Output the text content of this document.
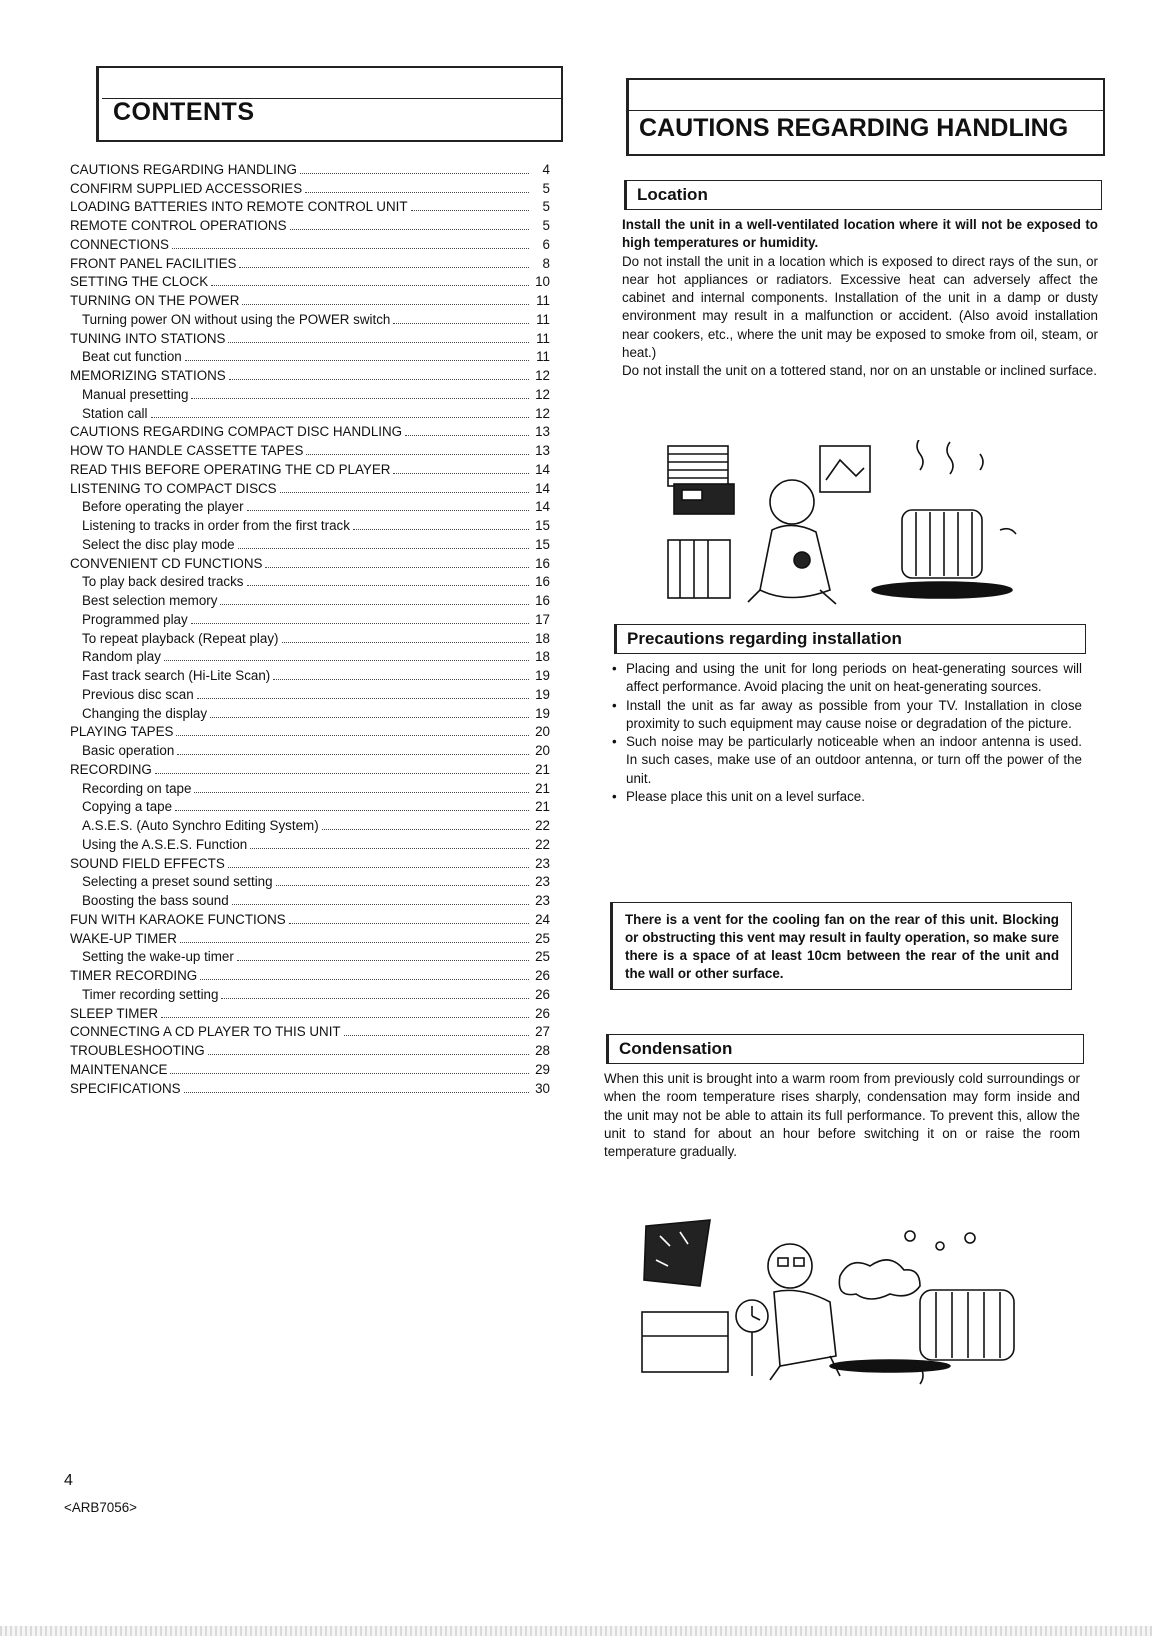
CONTENTS
CAUTIONS REGARDING HANDLING	4
CONFIRM SUPPLIED ACCESSORIES	5
LOADING BATTERIES INTO REMOTE CONTROL UNIT	5
REMOTE CONTROL OPERATIONS	5
CONNECTIONS	6
FRONT PANEL FACILITIES	8
SETTING THE CLOCK	10
TURNING ON THE POWER	11
Turning power ON without using the POWER switch	11
TUNING INTO STATIONS	11
Beat cut function	11
MEMORIZING STATIONS	12
Manual presetting	12
Station call	12
CAUTIONS REGARDING COMPACT DISC HANDLING	13
HOW TO HANDLE CASSETTE TAPES	13
READ THIS BEFORE OPERATING THE CD PLAYER	14
LISTENING TO COMPACT DISCS	14
Before operating the player	14
Listening to tracks in order from the first track	15
Select the disc play mode	15
CONVENIENT CD FUNCTIONS	16
To play back desired tracks	16
Best selection memory	16
Programmed play	17
To repeat playback (Repeat play)	18
Random play	18
Fast track search (Hi-Lite Scan)	19
Previous disc scan	19
Changing the display	19
PLAYING TAPES	20
Basic operation	20
RECORDING	21
Recording on tape	21
Copying a tape	21
A.S.E.S. (Auto Synchro Editing System)	22
Using the A.S.E.S. Function	22
SOUND FIELD EFFECTS	23
Selecting a preset sound setting	23
Boosting the bass sound	23
FUN WITH KARAOKE FUNCTIONS	24
WAKE-UP TIMER	25
Setting the wake-up timer	25
TIMER RECORDING	26
Timer recording setting	26
SLEEP TIMER	26
CONNECTING A CD PLAYER TO THIS UNIT	27
TROUBLESHOOTING	28
MAINTENANCE	29
SPECIFICATIONS	30
CAUTIONS REGARDING HANDLING
Location
Install the unit in a well-ventilated location where it will not be exposed to high temperatures or humidity.
Do not install the unit in a location which is exposed to direct rays of the sun, or near hot appliances or radiators. Excessive heat can adversely affect the cabinet and internal components. Installation of the unit in a damp or dusty environment may result in a malfunction or accident. (Also avoid installation near cookers, etc., where the unit may be exposed to smoke from oil, steam, or heat.)
Do not install the unit on a tottered stand, nor on an unstable or inclined surface.
Precautions regarding installation
• Placing and using the unit for long periods on heat-generating sources will affect performance. Avoid placing the unit on heat-generating sources.
• Install the unit as far away as possible from your TV. Installation in close proximity to such equipment may cause noise or degradation of the picture.
• Such noise may be particularly noticeable when an indoor antenna is used. In such cases, make use of an outdoor antenna, or turn off the power of the unit.
• Please place this unit on a level surface.
There is a vent for the cooling fan on the rear of this unit. Blocking or obstructing this vent may result in faulty operation, so make sure there is a space of at least 10cm between the rear of the unit and the wall or other surface.
Condensation
When this unit is brought into a warm room from previously cold surroundings or when the room temperature rises sharply, condensation may form inside and the unit may not be able to attain its full performance. To prevent this, allow the unit to stand for about an hour before switching it on or raise the room temperature gradually.
4
<ARB7056>
